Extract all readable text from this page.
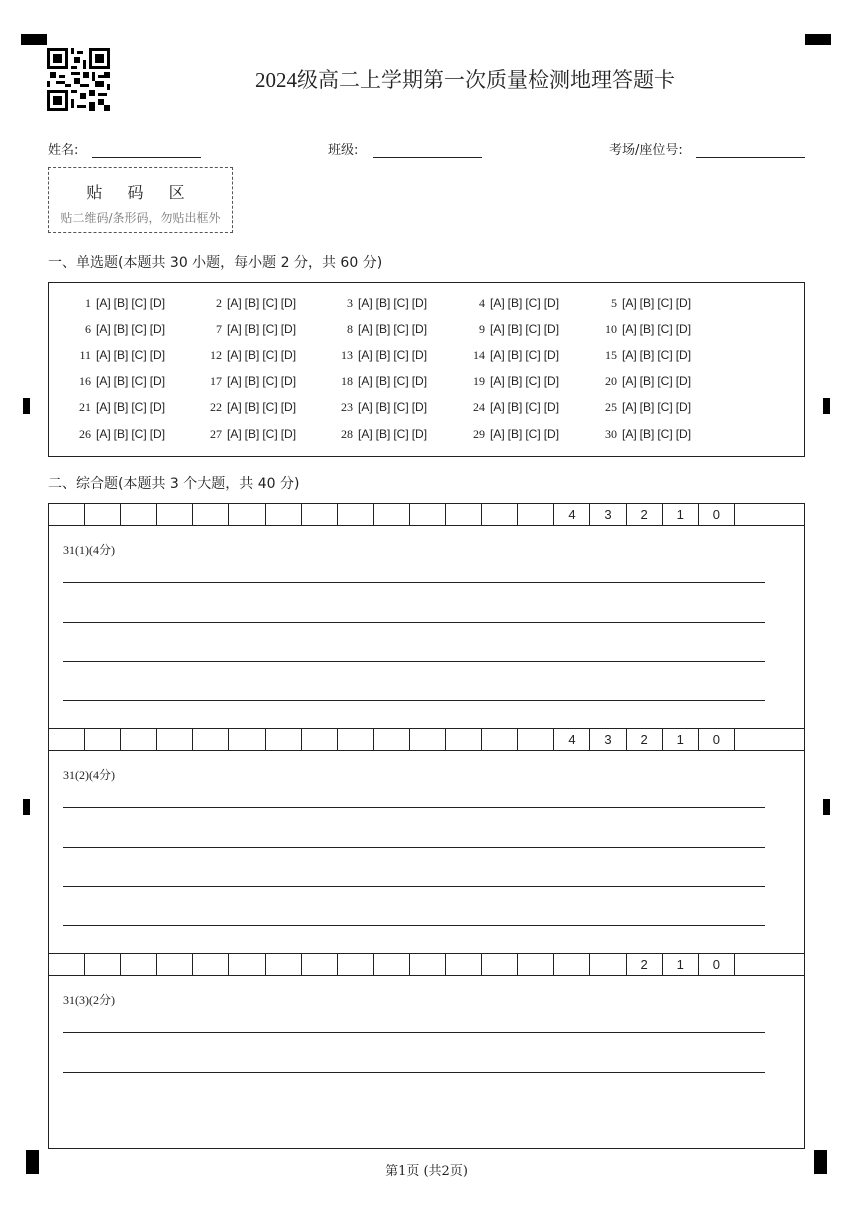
2024级高二上学期第一次质量检测地理答题卡
姓名:	班级:	考场/座位号:
贴 码 区
贴二维码/条形码，勿贴出框外
一、单选题(本题共 30 小题，每小题 2 分，共 60 分)
1 [A] [B] [C] [D]	2 [A] [B] [C] [D]	3 [A] [B] [C] [D]	4 [A] [B] [C] [D]	5 [A] [B] [C] [D]
6 [A] [B] [C] [D]	7 [A] [B] [C] [D]	8 [A] [B] [C] [D]	9 [A] [B] [C] [D]	10 [A] [B] [C] [D]
11 [A] [B] [C] [D]	12 [A] [B] [C] [D]	13 [A] [B] [C] [D]	14 [A] [B] [C] [D]	15 [A] [B] [C] [D]
16 [A] [B] [C] [D]	17 [A] [B] [C] [D]	18 [A] [B] [C] [D]	19 [A] [B] [C] [D]	20 [A] [B] [C] [D]
21 [A] [B] [C] [D]	22 [A] [B] [C] [D]	23 [A] [B] [C] [D]	24 [A] [B] [C] [D]	25 [A] [B] [C] [D]
26 [A] [B] [C] [D]	27 [A] [B] [C] [D]	28 [A] [B] [C] [D]	29 [A] [B] [C] [D]	30 [A] [B] [C] [D]
二、综合题(本题共 3 个大题，共 40 分)
4	3	2	1	0
31(1)(4分)
4	3	2	1	0
31(2)(4分)
2	1	0
31(3)(2分)
第1页 (共2页)
